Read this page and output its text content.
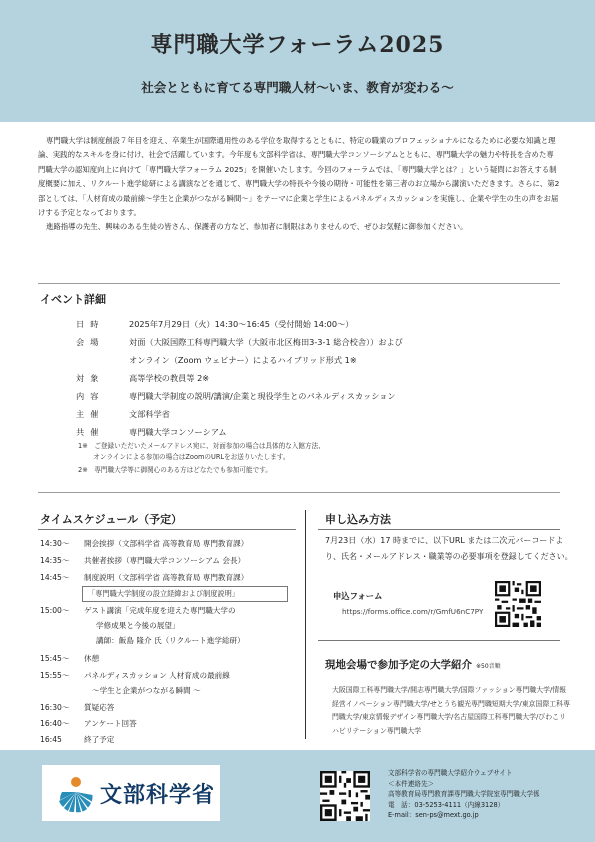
専門職大学フォーラム2025
社会とともに育てる専門職人材〜いま、教育が変わる〜

専門職大学は制度創設７年目を迎え、卒業生が国際通用性のある学位を取得するとともに、特定の職業のプロフェッショナルになるために必要な知識と理論、実践的なスキルを身に付け、社会で活躍しています。今年度も文部科学省は、専門職大学コンソーシアムとともに、専門職大学の魅力や特長を含めた専門職大学の認知度向上に向けて「専門職大学フォーラム 2025」を開催いたします。今回のフォーラムでは、「専門職大学とは？」という疑問にお答えする制度概要に加え、リクルート進学総研による講演などを通じて、専門職大学の特長や今後の期待・可能性を第三者のお立場から講演いただきます。さらに、第2部としては、「人材育成の最前線〜学生と企業がつながる瞬間〜」をテーマに企業と学生によるパネルディスカッションを実施し、企業や学生の生の声をお届けする予定となっております。

進路指導の先生、興味のある生徒の皆さん、保護者の方など、参加者に制限はありませんので、ぜひお気軽に御参加ください。

イベント詳細
日時	2025年7月29日（火）14:30〜16:45（受付開始 14:00〜）
会場	対面（大阪国際工科専門職大学（大阪市北区梅田3-3-1 総合校舎））および
オンライン（Zoom ウェビナー）によるハイブリッド形式 1※
対象	高等学校の教員等 2※
内容	専門職大学制度の説明/講演/企業と現役学生とのパネルディスカッション
主催	文部科学省
共催	専門職大学コンソーシアム
1※　ご登録いただいたメールアドレス宛に、対面参加の場合は具体的な入館方法、
　　 オンラインによる参加の場合はZoomのURLをお送りいたします。
2※　専門職大学等に御関心のある方はどなたでも参加可能です。
タイムスケジュール（予定）
14:30〜	開会挨拶（文部科学省 高等教育局 専門教育課）
14:35〜	共催者挨拶（専門職大学コンソーシアム 会長）
14:45〜	制度説明（文部科学省 高等教育局 専門教育課）
「専門職大学制度の設立経緯および制度説明」
15:00〜	ゲスト講演「完成年度を迎えた専門職大学の
学修成果と今後の展望」
講師：飯島 隆介 氏（リクルート進学総研）
15:45〜	休憩
15:55〜	パネルディスカッション 人材育成の最前線
〜学生と企業がつながる瞬間 〜
16:30〜	質疑応答
16:40〜	アンケート回答
16:45	終了予定
申し込み方法
7月23日（水）17 時までに、以下URL または二次元バーコードより、氏名・メールアドレス・職業等の必要事項を登録してください。
申込フォーム
https://forms.office.com/r/GmfU6nC7PY
現地会場で参加予定の大学紹介 ※50音順
大阪国際工科専門職大学/開志専門職大学/国際ファッション専門職大学/情報経営イノベーション専門職大学/せとうち観光専門職短期大学/東京国際工科専門職大学/東京情報デザイン専門職大学/名古屋国際工科専門職大学/びわこリハビリテーション専門職大学
文部科学省
文部科学省の専門職大学紹介ウェブサイト
＜本件連絡先＞
高等教育局専門教育課専門職大学院室専門職大学係
電　話：03-5253-4111（内線3128）
E-mail：sen-ps@mext.go.jp
